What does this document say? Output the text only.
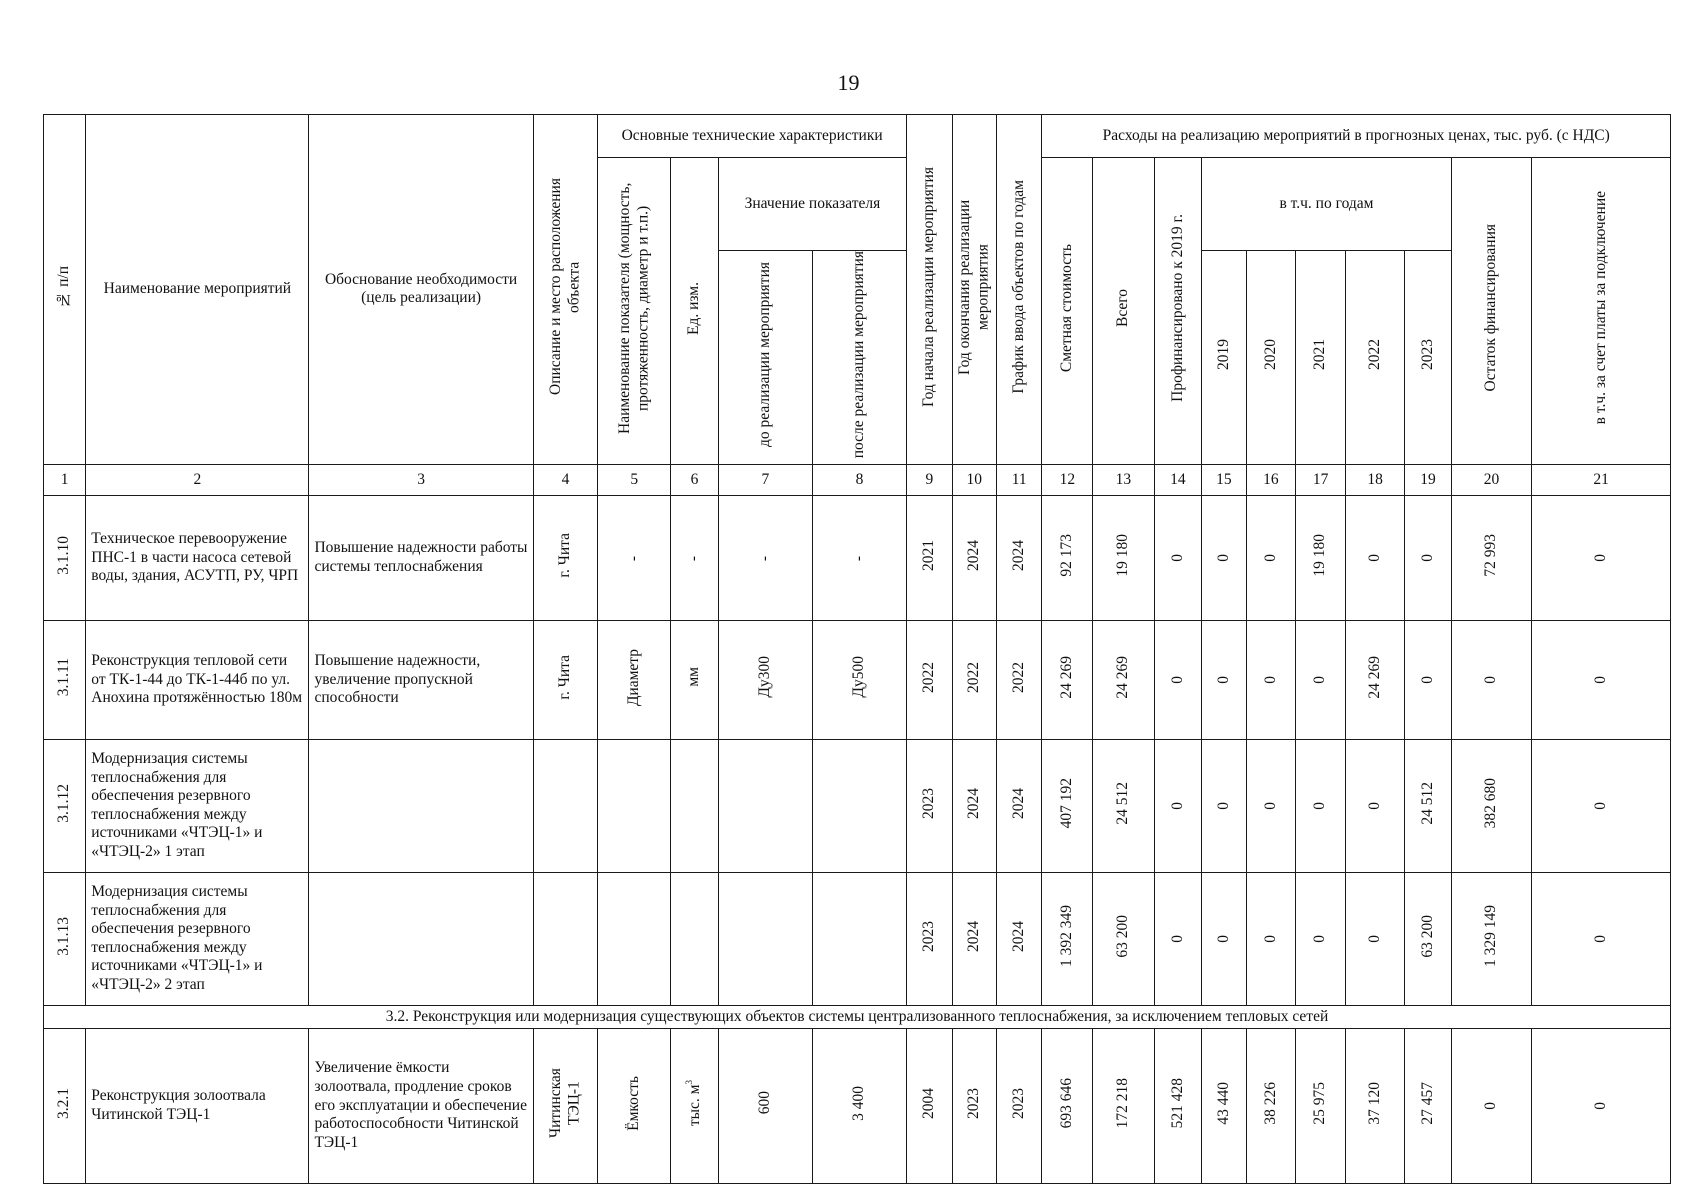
19
№ п/п	Наименование мероприятий	Обоснование необходимости (цель реализации)	Описание и место расположения объекта	Основные технические характеристики				Год начала реализации мероприятия	Год окончания реализации мероприятия	График ввода объектов по годам	Расходы на реализацию мероприятий в прогнозных ценах, тыс. руб. (с НДС)									
				Наименование показателя (мощность, протяженность, диаметр и т.п.)	Ед. изм.	Значение показателя					Сметная стоимость	Всего	Профинансировано к 2019 г.	в т.ч. по годам					Остаток финансирования	в т.ч. за счет платы за подключение
						до реализации мероприятия	после реализации мероприятия							2019	2020	2021	2022	2023		
1	2	3	4	5	6	7	8	9	10	11	12	13	14	15	16	17	18	19	20	21
3.1.10	Техническое перевооружение ПНС-1 в части насоса сетевой воды, здания, АСУТП, РУ, ЧРП	Повышение надежности работы системы теплоснабжения	г. Чита	-	-	-	-	2021	2024	2024	92 173	19 180	0	0	0	19 180	0	0	72 993	0
3.1.11	Реконструкция тепловой сети от ТК-1-44 до ТК-1-44б по ул. Анохина протяжённостью 180м	Повышение надежности, увеличение пропускной способности	г. Чита	Диаметр	мм	Ду300	Ду500	2022	2022	2022	24 269	24 269	0	0	0	0	24 269	0	0	0
3.1.12	Модернизация системы теплоснабжения для обеспечения резервного теплоснабжения между источниками «ЧТЭЦ-1» и «ЧТЭЦ-2» 1 этап							2023	2024	2024	407 192	24 512	0	0	0	0	0	24 512	382 680	0
3.1.13	Модернизация системы теплоснабжения для обеспечения резервного теплоснабжения между источниками «ЧТЭЦ-1» и «ЧТЭЦ-2» 2 этап							2023	2024	2024	1 392 349	63 200	0	0	0	0	0	63 200	1 329 149	0
3.2. Реконструкция или модернизация существующих объектов системы централизованного теплоснабжения, за исключением тепловых сетей																				
3.2.1	Реконструкция золоотвала Читинской ТЭЦ-1	Увеличение ёмкости золоотвала, продление сроков его эксплуатации и обеспечение работоспособности Читинской ТЭЦ-1	Читинская ТЭЦ-1	Ёмкость	тыс. $м^3$	600	3 400	2004	2023	2023	693 646	172 218	521 428	43 440	38 226	25 975	37 120	27 457	0	0
